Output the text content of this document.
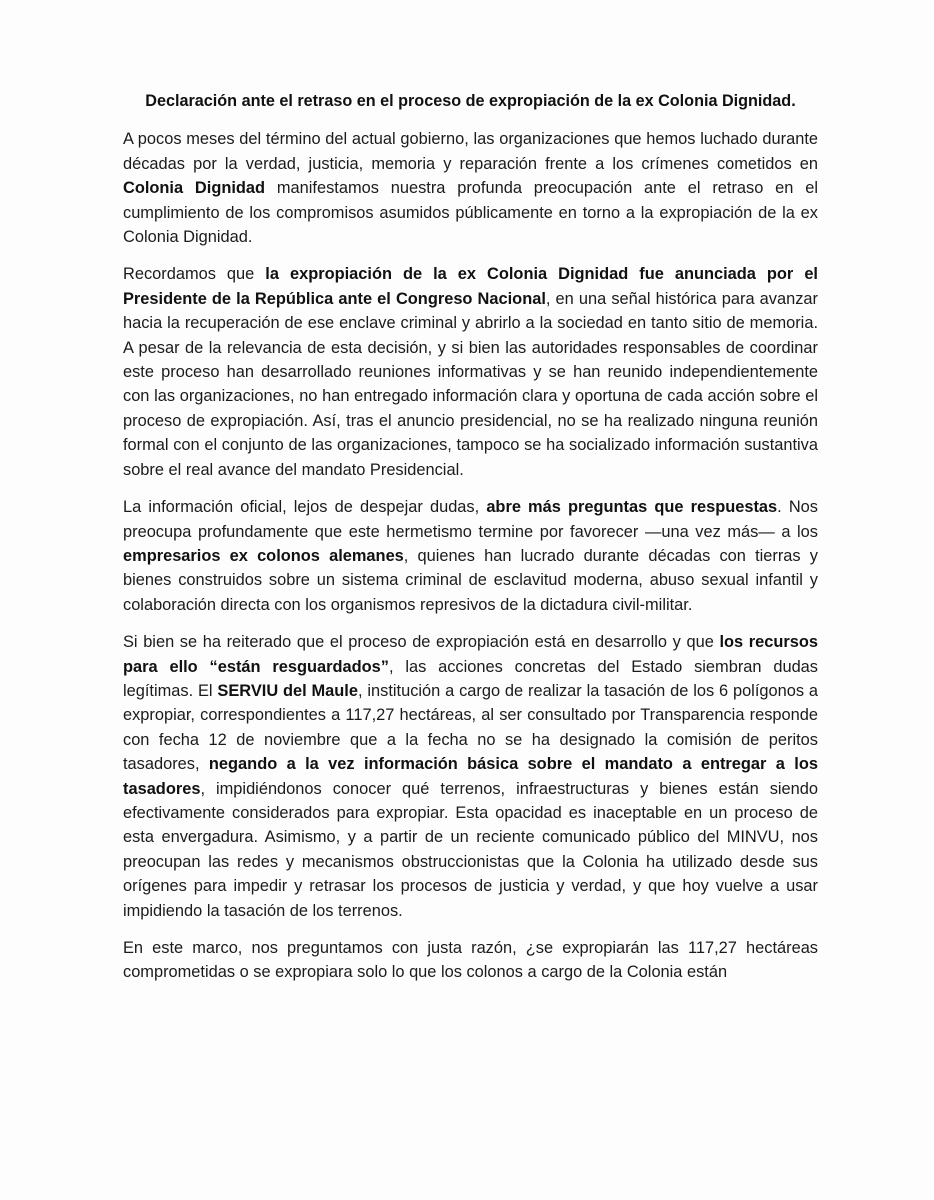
Declaración ante el retraso en el proceso de expropiación de la ex Colonia Dignidad.

A pocos meses del término del actual gobierno, las organizaciones que hemos luchado durante décadas por la verdad, justicia, memoria y reparación frente a los crímenes cometidos en Colonia Dignidad manifestamos nuestra profunda preocupación ante el retraso en el cumplimiento de los compromisos asumidos públicamente en torno a la expropiación de la ex Colonia Dignidad.

Recordamos que la expropiación de la ex Colonia Dignidad fue anunciada por el Presidente de la República ante el Congreso Nacional, en una señal histórica para avanzar hacia la recuperación de ese enclave criminal y abrirlo a la sociedad en tanto sitio de memoria. A pesar de la relevancia de esta decisión, y si bien las autoridades responsables de coordinar este proceso han desarrollado reuniones informativas y se han reunido independientemente con las organizaciones, no han entregado información clara y oportuna de cada acción sobre el proceso de expropiación. Así, tras el anuncio presidencial, no se ha realizado ninguna reunión formal con el conjunto de las organizaciones, tampoco se ha socializado información sustantiva sobre el real avance del mandato Presidencial.

La información oficial, lejos de despejar dudas, abre más preguntas que respuestas. Nos preocupa profundamente que este hermetismo termine por favorecer —una vez más— a los empresarios ex colonos alemanes, quienes han lucrado durante décadas con tierras y bienes construidos sobre un sistema criminal de esclavitud moderna, abuso sexual infantil y colaboración directa con los organismos represivos de la dictadura civil-militar.

Si bien se ha reiterado que el proceso de expropiación está en desarrollo y que los recursos para ello “están resguardados”, las acciones concretas del Estado siembran dudas legítimas. El SERVIU del Maule, institución a cargo de realizar la tasación de los 6 polígonos a expropiar, correspondientes a 117,27 hectáreas, al ser consultado por Transparencia responde con fecha 12 de noviembre que a la fecha no se ha designado la comisión de peritos tasadores, negando a la vez información básica sobre el mandato a entregar a los tasadores, impidiéndonos conocer qué terrenos, infraestructuras y bienes están siendo efectivamente considerados para expropiar. Esta opacidad es inaceptable en un proceso de esta envergadura. Asimismo, y a partir de un reciente comunicado público del MINVU, nos preocupan las redes y mecanismos obstruccionistas que la Colonia ha utilizado desde sus orígenes para impedir y retrasar los procesos de justicia y verdad, y que hoy vuelve a usar impidiendo la tasación de los terrenos.

En este marco, nos preguntamos con justa razón, ¿se expropiarán las 117,27 hectáreas comprometidas o se expropiara solo lo que los colonos a cargo de la Colonia están
